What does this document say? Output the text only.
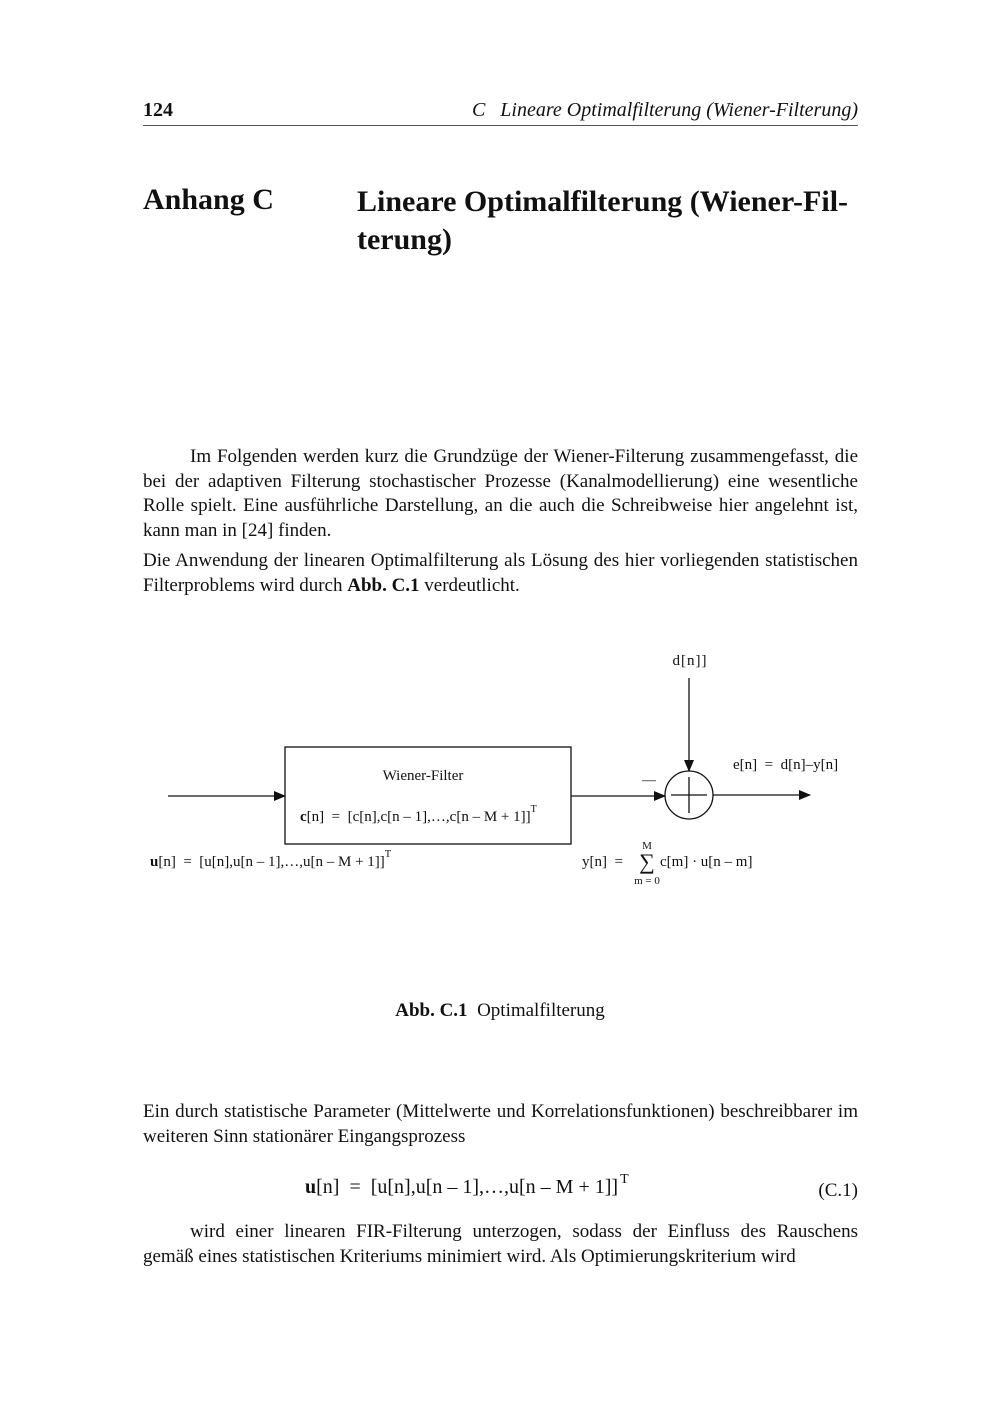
124	C   Lineare Optimalfilterung (Wiener-Filterung)
Anhang C	Lineare Optimalfilterung (Wiener-Fil-
terung)

Im Folgenden werden kurz die Grundzüge der Wiener-Filterung zusammengefasst, die bei der adaptiven Filterung stochastischer Prozesse (Kanalmodellierung) eine wesentliche Rolle spielt. Eine ausführliche Darstellung, an die auch die Schreibweise hier angelehnt ist, kann man in [24] finden.

Die Anwendung der linearen Optimalfilterung als Lösung des hier vorliegenden statistischen Filterproblems wird durch Abb. C.1 verdeutlicht.

Wiener-Filter
c[n]  =  [c[n],c[n – 1],…,c[n – M + 1]]$^T$
—
d[n]]
e[n]  =  d[n]–y[n]
u[n]  =  [u[n],u[n – 1],…,u[n – M + 1]]$^T$	y[n]  =
M
∑
m = 0
c[m] · u[n – m]
Abb. C.1 Optimalfilterung

Ein durch statistische Parameter (Mittelwerte und Korrelationsfunktionen) beschreibbarer im weiteren Sinn stationärer Eingangsprozess

u[n]  =  [u[n],u[n – 1],…,u[n – M + 1]] $^T$
(C.1)

wird einer linearen FIR-Filterung unterzogen, sodass der Einfluss des Rauschens gemäß eines statistischen Kriteriums minimiert wird. Als Optimierungskriterium wird
